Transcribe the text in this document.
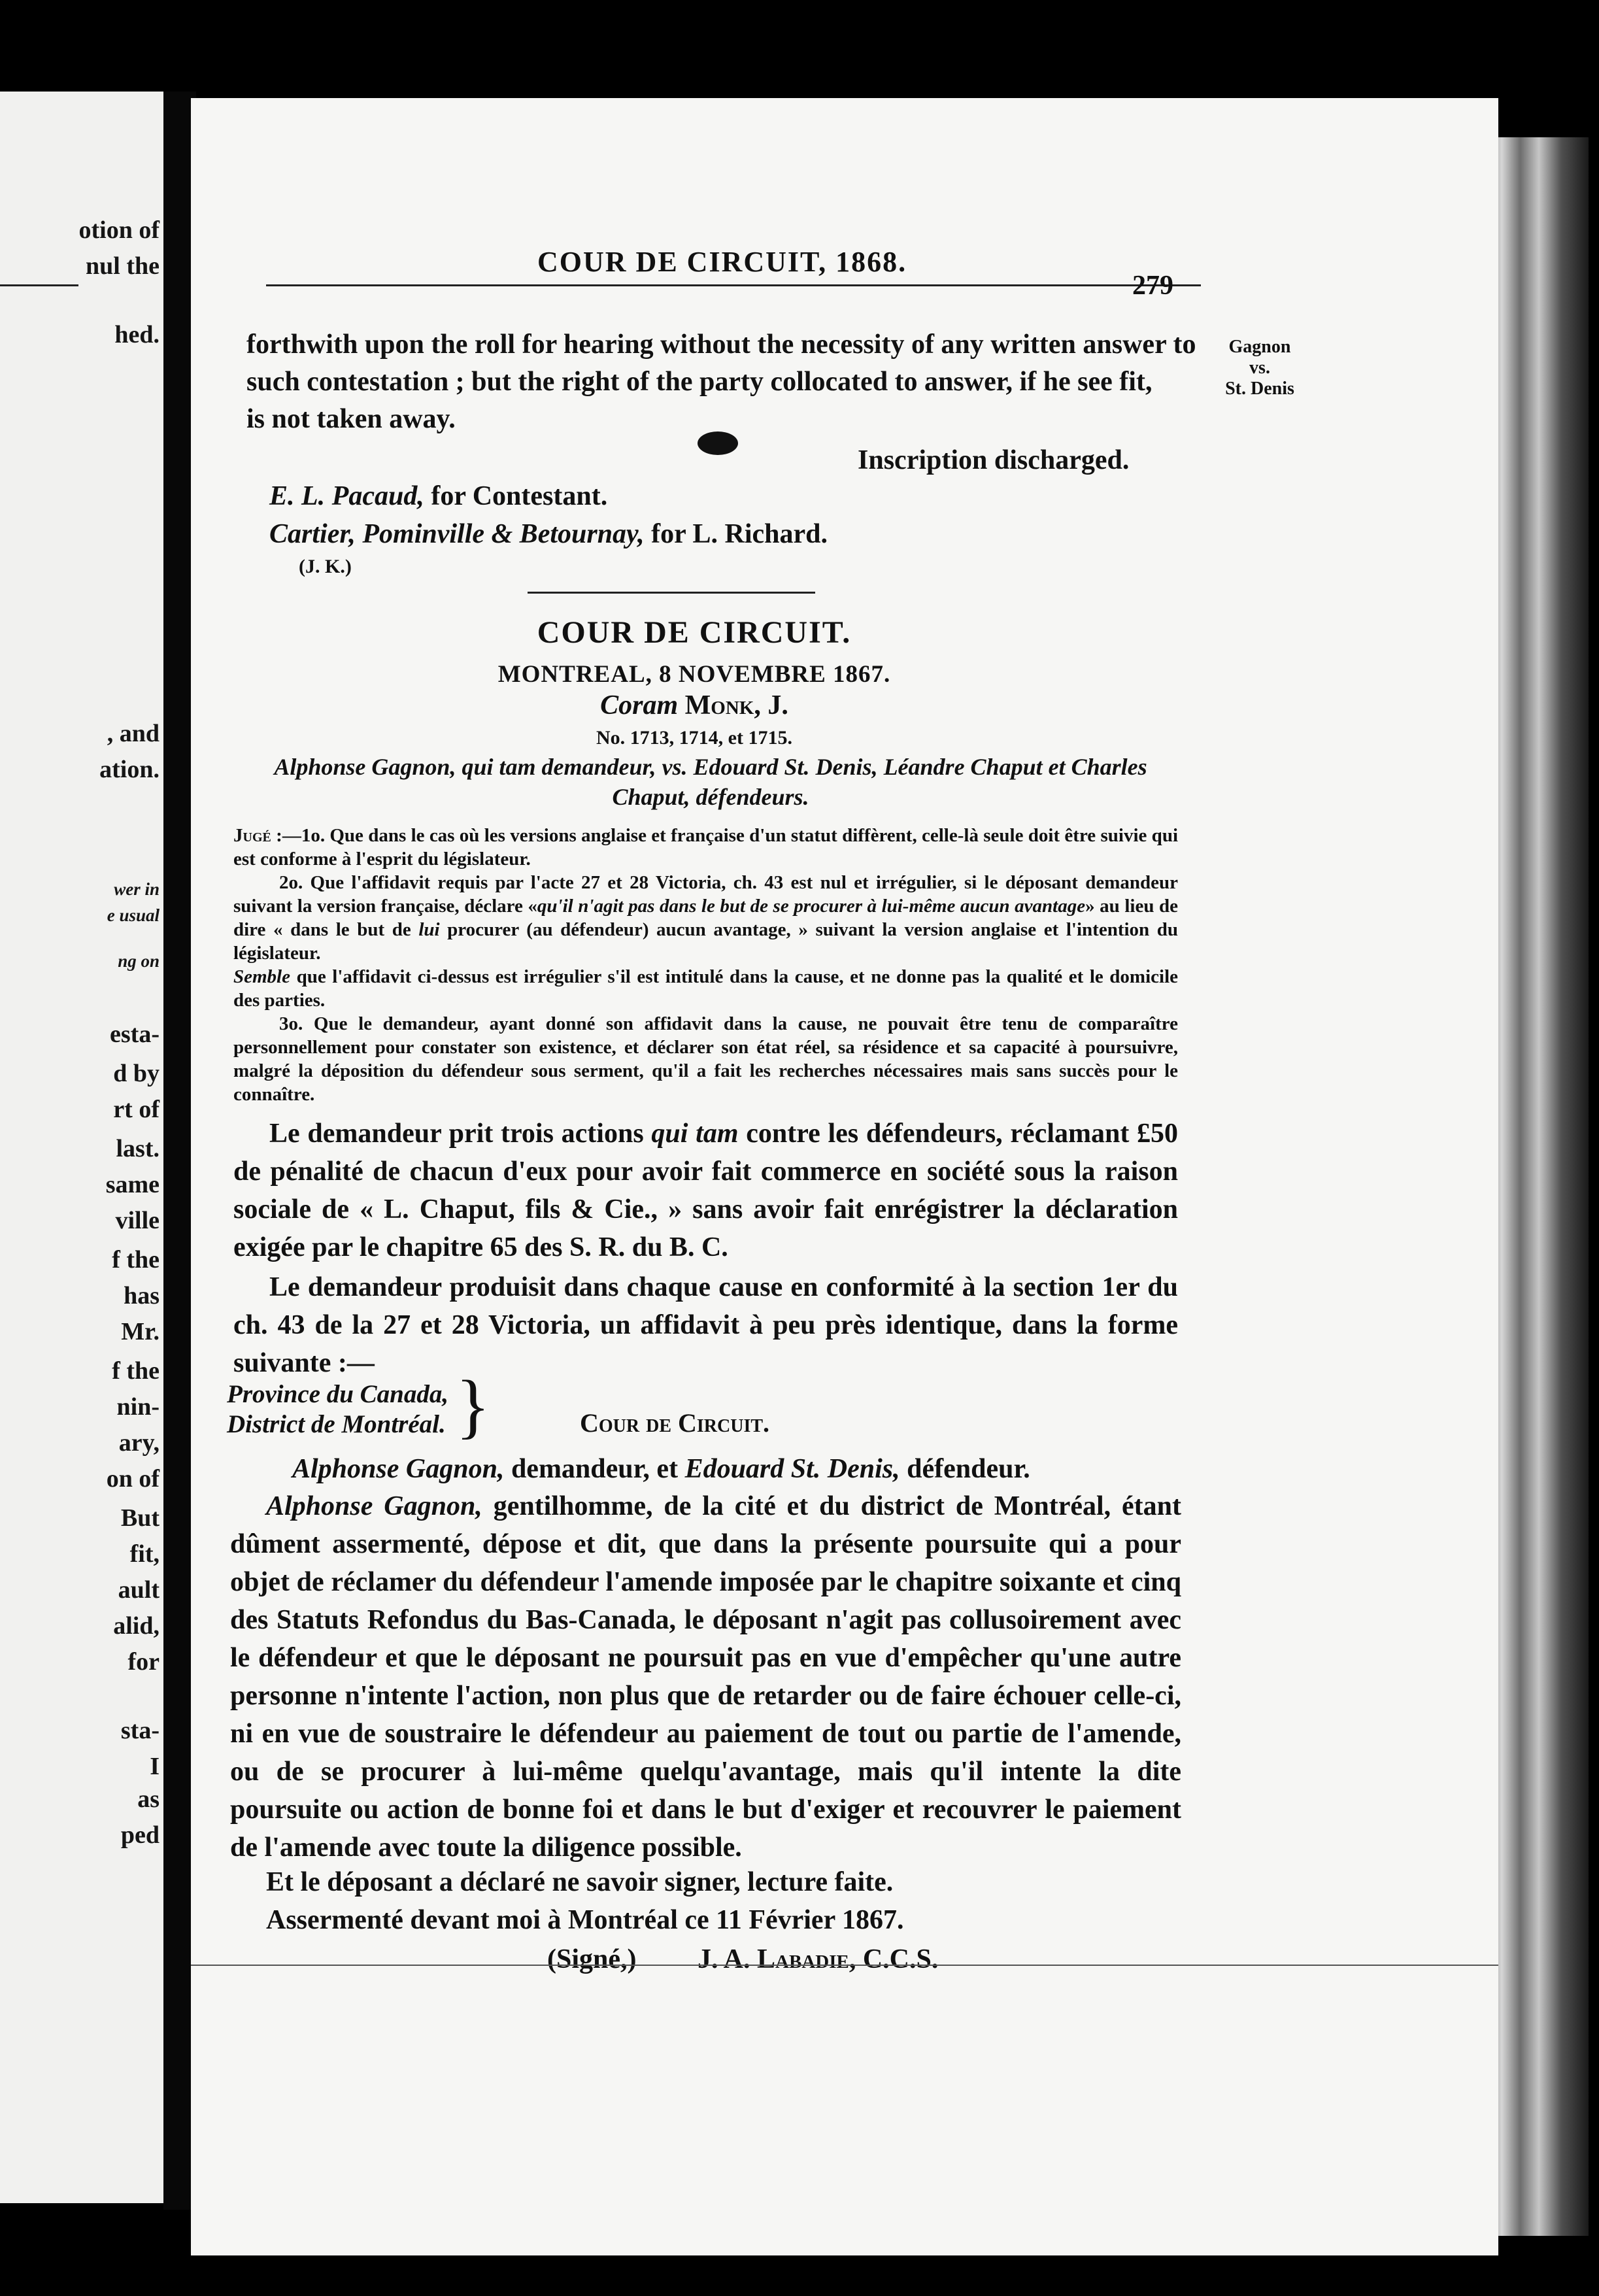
otion of
nul the
hed.
, and
ation.
wer in
e usual
ng on
esta-
d by
rt of
last.
same
ville
f the
has
Mr.
f the
nin-
ary,
on of
But
fit,
ault
alid,
for
sta-
I
as
ped
COUR DE CIRCUIT, 1868.
279
Gagnon
vs.
St. Denis
forthwith upon the roll for hearing without the necessity of any written answer to
such contestation ; but the right of the party collocated to answer, if he see fit,
is not taken away.
Inscription discharged.
E. L. Pacaud, for Contestant.
Cartier, Pominville & Betournay, for L. Richard.
(J. K.)
COUR DE CIRCUIT.
MONTREAL, 8 NOVEMBRE 1867.
Coram Monk, J.
No. 1713, 1714, et 1715.
Alphonse Gagnon, qui tam demandeur, vs. Edouard St. Denis, Léandre Chaput et Charles
Chaput, défendeurs.

Jugé :—1o. Que dans le cas où les versions anglaise et française d'un statut diffèrent, celle-là seule doit être suivie qui est conforme à l'esprit du législateur.

2o. Que l'affidavit requis par l'acte 27 et 28 Victoria, ch. 43 est nul et irrégulier, si le déposant demandeur suivant la version française, déclare «qu'il n'agit pas dans le but de se procurer à lui-même aucun avantage» au lieu de dire « dans le but de lui procurer (au défendeur) aucun avantage, » suivant la version anglaise et l'intention du législateur.
Semble que l'affidavit ci-dessus est irrégulier s'il est intitulé dans la cause, et ne donne pas la qualité et le domicile des parties.

3o. Que le demandeur, ayant donné son affidavit dans la cause, ne pouvait être tenu de comparaître personnellement pour constater son existence, et déclarer son état réel, sa résidence et sa capacité à poursuivre, malgré la déposition du défendeur sous serment, qu'il a fait les recherches nécessaires mais sans succès pour le connaître.

Le demandeur prit trois actions qui tam contre les défendeurs, réclamant £50 de pénalité de chacun d'eux pour avoir fait commerce en société sous la raison sociale de « L. Chaput, fils & Cie., » sans avoir fait enrégistrer la déclaration exigée par le chapitre 65 des S. R. du B. C.
Le demandeur produisit dans chaque cause en conformité à la section 1er du ch. 43 de la 27 et 28 Victoria, un affidavit à peu près identique, dans la forme suivante :—
Province du Canada,
District de Montréal. }	Cour de Circuit.
Alphonse Gagnon, demandeur, et Edouard St. Denis, défendeur.
Alphonse Gagnon, gentilhomme, de la cité et du district de Montréal, étant dûment assermenté, dépose et dit, que dans la présente poursuite qui a pour objet de réclamer du défendeur l'amende imposée par le chapitre soixante et cinq des Statuts Refondus du Bas-Canada, le déposant n'agit pas collusoirement avec le défendeur et que le déposant ne poursuit pas en vue d'empêcher qu'une autre personne n'intente l'action, non plus que de retarder ou de faire échouer celle-ci, ni en vue de soustraire le défendeur au paiement de tout ou partie de l'amende, ou de se procurer à lui-même quelqu'avantage, mais qu'il intente la dite poursuite ou action de bonne foi et dans le but d'exiger et recouvrer le paiement de l'amende avec toute la diligence possible.
Et le déposant a déclaré ne savoir signer, lecture faite.
Assermenté devant moi à Montréal ce 11 Février 1867.
(Signé,) J. A. Labadie, C.C.S.
